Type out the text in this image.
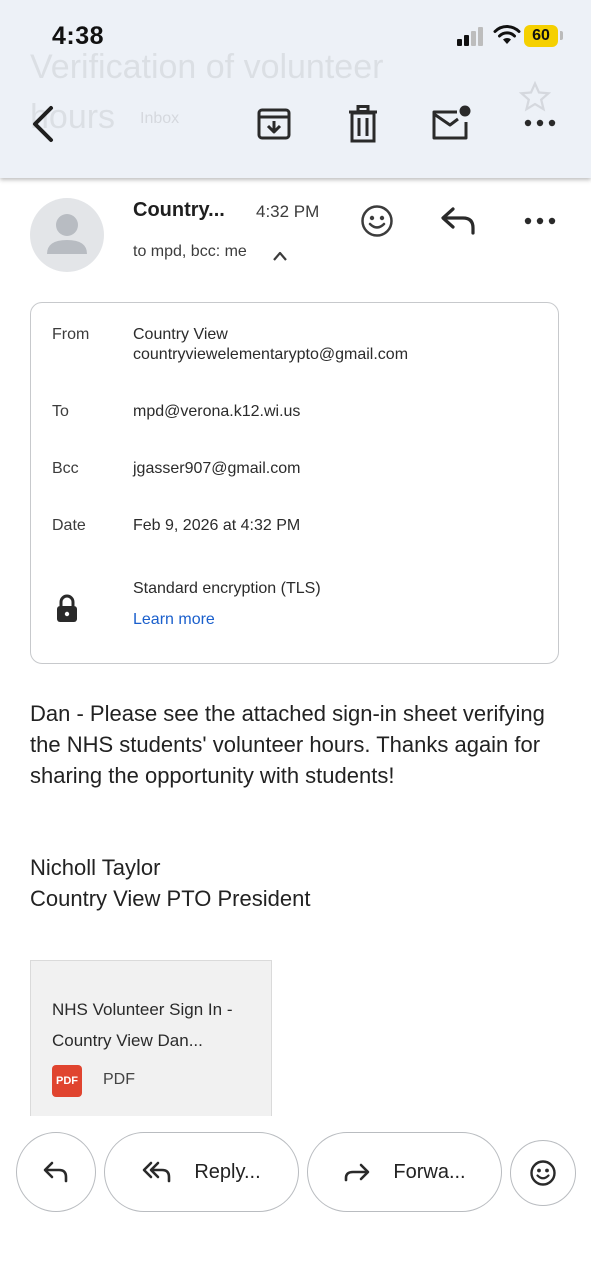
4:38	60
Verification of volunteer hours	Inbox
Country... 4:32 PM
to mpd, bcc: me
From	Country View
countryviewelementarypto@gmail.com
To	mpd@verona.k12.wi.us
Bcc	jgasser907@gmail.com
Date	Feb 9, 2026 at 4:32 PM
Standard encryption (TLS)
Learn more
Dan - Please see the attached sign-in sheet verifying the NHS students' volunteer hours. Thanks again for sharing the opportunity with students!
Nicholl Taylor
Country View PTO President
NHS Volunteer Sign In - Country View Dan...
PDF PDF
Reply...	Forwa...
